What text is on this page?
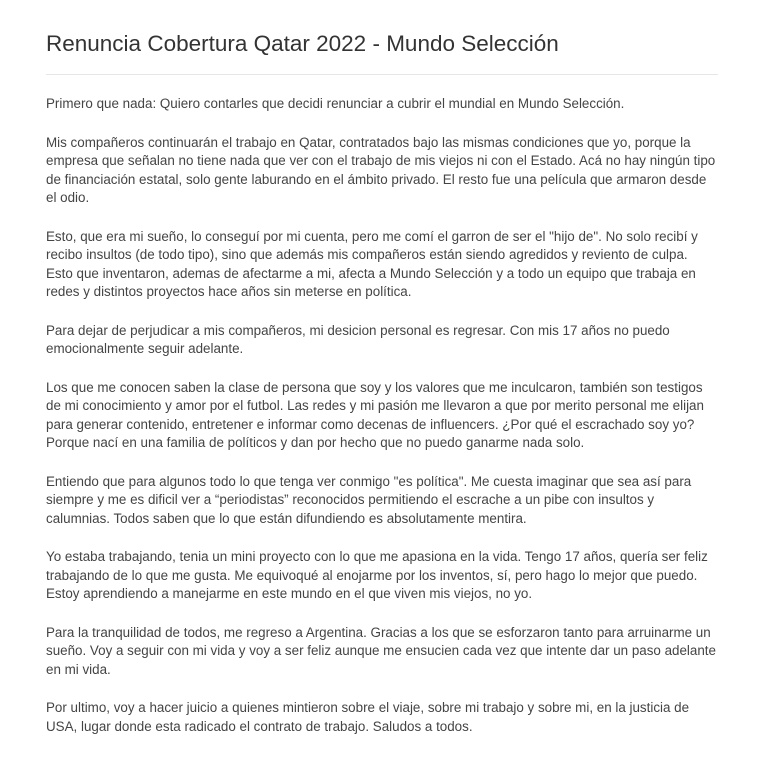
Renuncia Cobertura Qatar 2022 - Mundo Selección

Primero que nada: Quiero contarles que decidi renunciar a cubrir el mundial en Mundo Selección.

Mis compañeros continuarán el trabajo en Qatar, contratados bajo las mismas condiciones que yo, porque la empresa que señalan no tiene nada que ver con el trabajo de mis viejos ni con el Estado. Acá no hay ningún tipo de financiación estatal, solo gente laburando en el ámbito privado. El resto fue una película que armaron desde el odio.

Esto, que era mi sueño, lo conseguí por mi cuenta, pero me comí el garron de ser el "hijo de". No solo recibí y recibo insultos (de todo tipo), sino que además mis compañeros están siendo agredidos y reviento de culpa. Esto que inventaron, ademas de afectarme a mi, afecta a Mundo Selección y a todo un equipo que trabaja en redes y distintos proyectos hace años sin meterse en política.

Para dejar de perjudicar a mis compañeros, mi desicion personal es regresar. Con mis 17 años no puedo emocionalmente seguir adelante.

Los que me conocen saben la clase de persona que soy y los valores que me inculcaron, también son testigos de mi conocimiento y amor por el futbol. Las redes y mi pasión me llevaron a que por merito personal me elijan para generar contenido, entretener e informar como decenas de influencers. ¿Por qué el escrachado soy yo? Porque nací en una familia de políticos y dan por hecho que no puedo ganarme nada solo.

Entiendo que para algunos todo lo que tenga ver conmigo "es política". Me cuesta imaginar que sea así para siempre y me es dificil ver a “periodistas” reconocidos permitiendo el escrache a un pibe con insultos y calumnias. Todos saben que lo que están difundiendo es absolutamente mentira.

Yo estaba trabajando, tenia un mini proyecto con lo que me apasiona en la vida. Tengo 17 años, quería ser feliz trabajando de lo que me gusta. Me equivoqué al enojarme por los inventos, sí, pero hago lo mejor que puedo. Estoy aprendiendo a manejarme en este mundo en el que viven mis viejos, no yo.

Para la tranquilidad de todos, me regreso a Argentina. Gracias a los que se esforzaron tanto para arruinarme un sueño. Voy a seguir con mi vida y voy a ser feliz aunque me ensucien cada vez que intente dar un paso adelante en mi vida.

Por ultimo, voy a hacer juicio a quienes mintieron sobre el viaje, sobre mi trabajo y sobre mi, en la justicia de USA, lugar donde esta radicado el contrato de trabajo. Saludos a todos.
